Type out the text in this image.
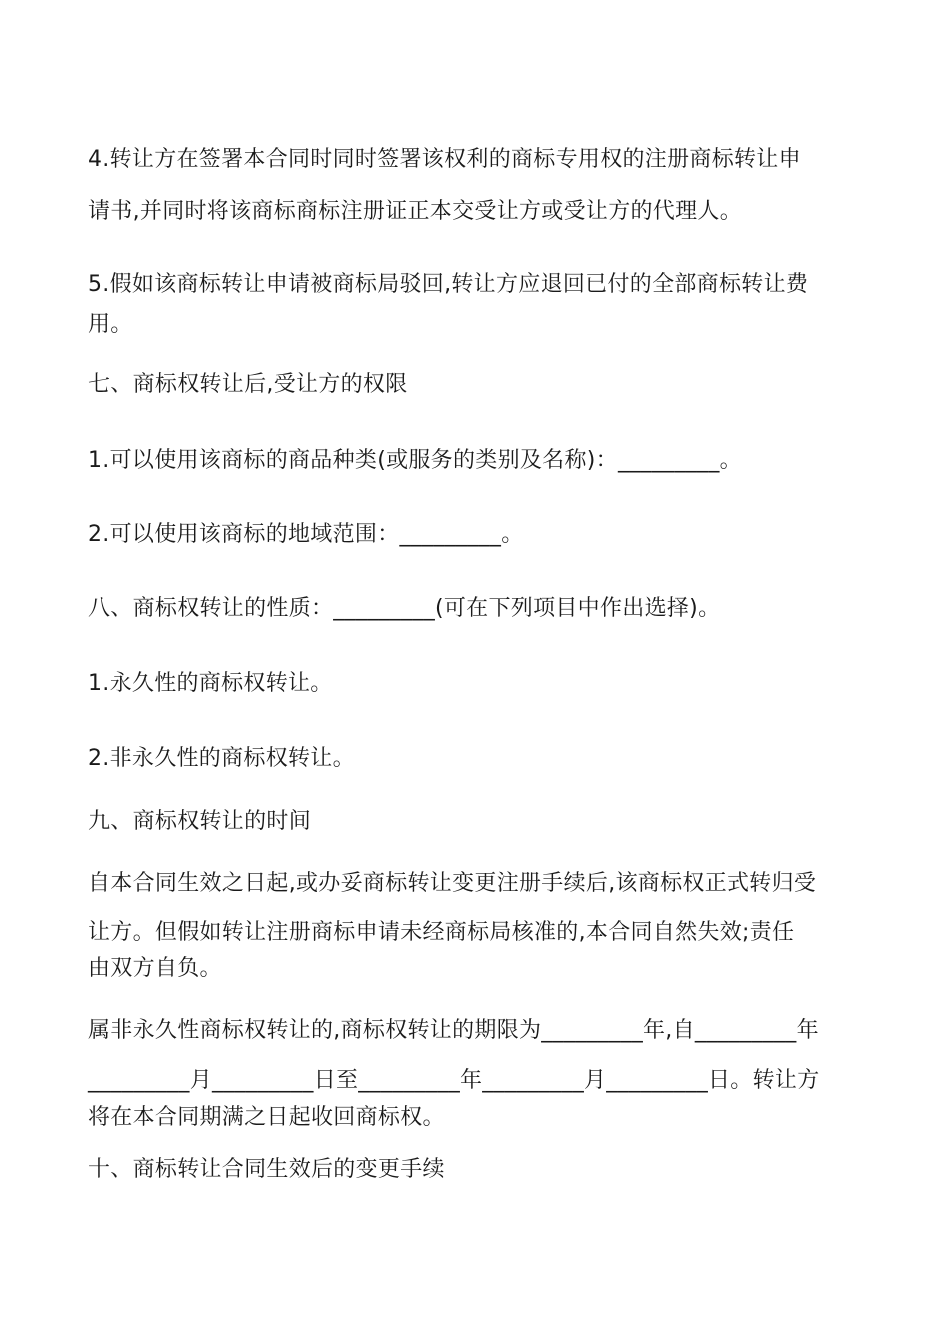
4.转让方在签署本合同时同时签署该权利的商标专用权的注册商标转让申
请书,并同时将该商标商标注册证正本交受让方或受让方的代理人。
5.假如该商标转让申请被商标局驳回,转让方应退回已付的全部商标转让费
用。
七、商标权转让后,受让方的权限
1.可以使用该商标的商品种类(或服务的类别及名称)：_________。
2.可以使用该商标的地域范围：_________。
八、商标权转让的性质：_________(可在下列项目中作出选择)。
1.永久性的商标权转让。
2.非永久性的商标权转让。
九、商标权转让的时间
自本合同生效之日起,或办妥商标转让变更注册手续后,该商标权正式转归受
让方。但假如转让注册商标申请未经商标局核准的,本合同自然失效;责任
由双方自负。
属非永久性商标权转让的,商标权转让的期限为_________年,自_________年
_________月_________日至_________年_________月_________日。转让方
将在本合同期满之日起收回商标权。
十、商标转让合同生效后的变更手续
